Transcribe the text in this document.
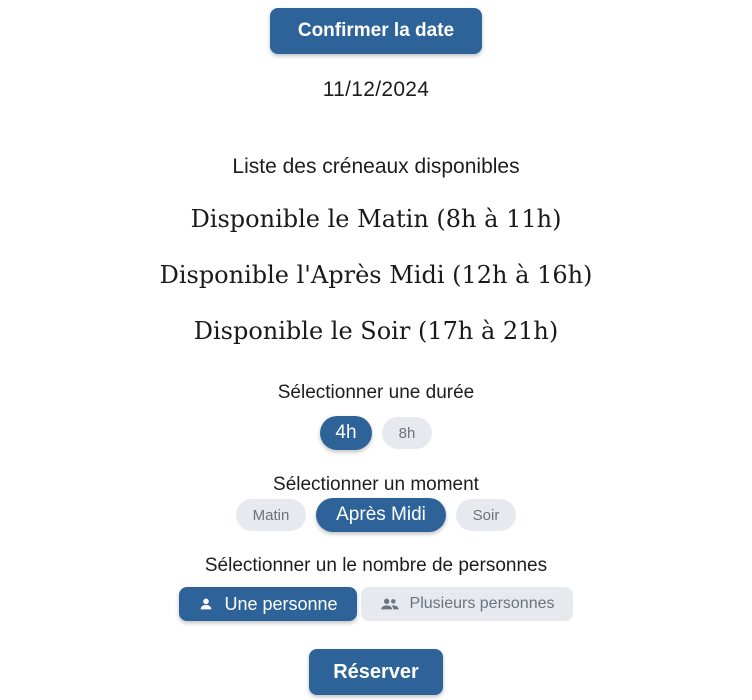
Confirmer la date
11/12/2024
Liste des créneaux disponibles
Disponible le Matin (8h à 11h)
Disponible l'Après Midi (12h à 16h)
Disponible le Soir (17h à 21h)
Sélectionner une durée
4h	8h
Sélectionner un moment
Matin	Après Midi	Soir
Sélectionner un le nombre de personnes
Une personne	Plusieurs personnes
Réserver
